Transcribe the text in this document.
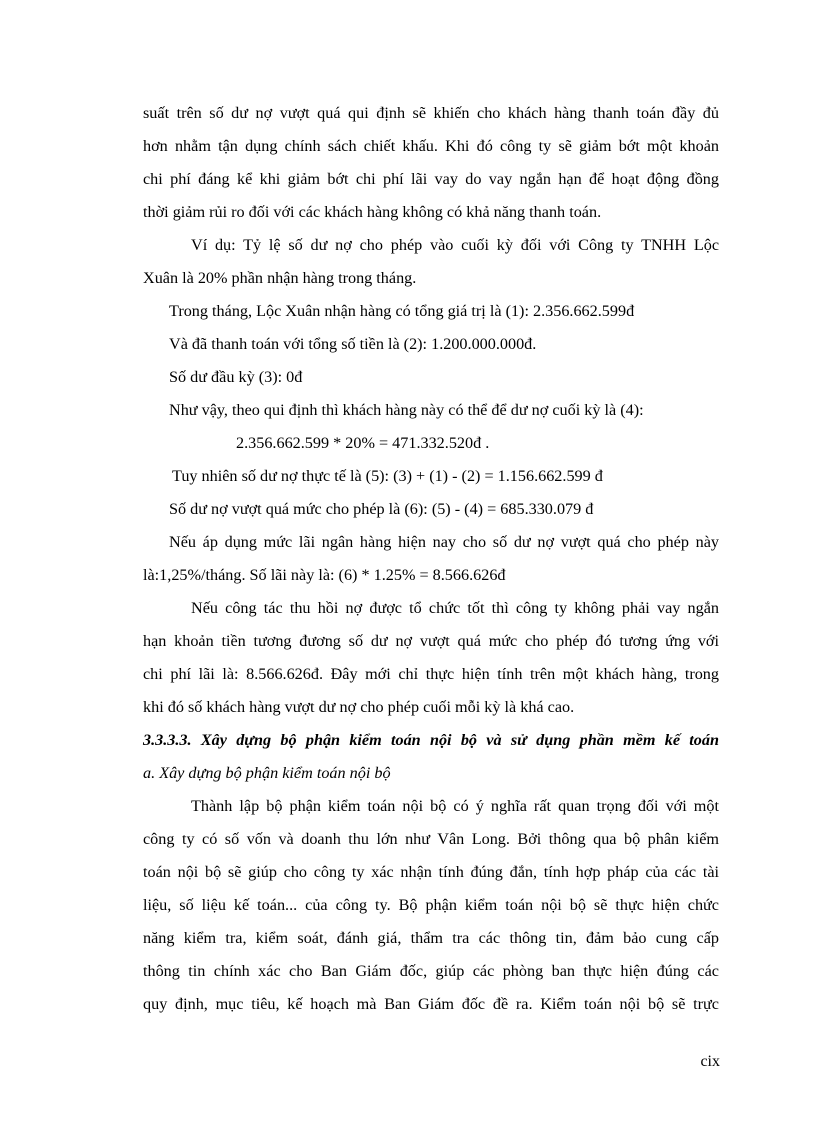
suất trên số dư nợ vượt quá qui định sẽ khiến cho khách hàng thanh toán đầy đủ
hơn nhằm tận dụng chính sách chiết khấu. Khi đó công ty sẽ giảm bớt một khoản
chi phí đáng kể khi giảm bớt chi phí lãi vay do vay ngắn hạn để hoạt động đồng
thời giảm rủi ro đối với các khách hàng không có khả năng thanh toán.
Ví dụ: Tỷ lệ số dư nợ cho phép vào cuối kỳ đối với Công ty TNHH Lộc
Xuân là 20% phần nhận hàng trong tháng.
Trong tháng, Lộc Xuân nhận hàng có tổng giá trị là (1): 2.356.662.599đ
Và đã thanh toán với tổng số tiền là (2): 1.200.000.000đ.
Số dư đầu kỳ (3): 0đ
Như vậy, theo qui định thì khách hàng này có thể để dư nợ cuối kỳ là (4):
2.356.662.599 * 20% = 471.332.520đ .
Tuy nhiên số dư nợ thực tế là (5): (3) + (1) - (2) = 1.156.662.599 đ
Số dư nợ vượt quá mức cho phép là (6): (5) - (4) = 685.330.079 đ
Nếu áp dụng mức lãi ngân hàng hiện nay cho số dư nợ vượt quá cho phép này
là:1,25%/tháng. Số lãi này là: (6) * 1.25% = 8.566.626đ
Nếu công tác thu hồi nợ được tổ chức tốt thì công ty không phải vay ngắn
hạn khoản tiền tương đương số dư nợ vượt quá mức cho phép đó tương ứng với
chi phí lãi là: 8.566.626đ. Đây mới chỉ thực hiện tính trên một khách hàng, trong
khi đó số khách hàng vượt dư nợ cho phép cuối mỗi kỳ là khá cao.
3.3.3.3. Xây dựng bộ phận kiểm toán nội bộ và sử dụng phần mềm kế toán
a. Xây dựng bộ phận kiểm toán nội bộ
Thành lập bộ phận kiểm toán nội bộ có ý nghĩa rất quan trọng đối với một
công ty có số vốn và doanh thu lớn như Vân Long. Bởi thông qua bộ phân kiểm
toán nội bộ sẽ giúp cho công ty xác nhận tính đúng đắn, tính hợp pháp của các tài
liệu, số liệu kế toán... của công ty. Bộ phận kiểm toán nội bộ sẽ thực hiện chức
năng kiểm tra, kiểm soát, đánh giá, thẩm tra các thông tin, đảm bảo cung cấp
thông tin chính xác cho Ban Giám đốc, giúp các phòng ban thực hiện đúng các
quy định, mục tiêu, kế hoạch mà Ban Giám đốc đề ra. Kiểm toán nội bộ sẽ trực
cix
